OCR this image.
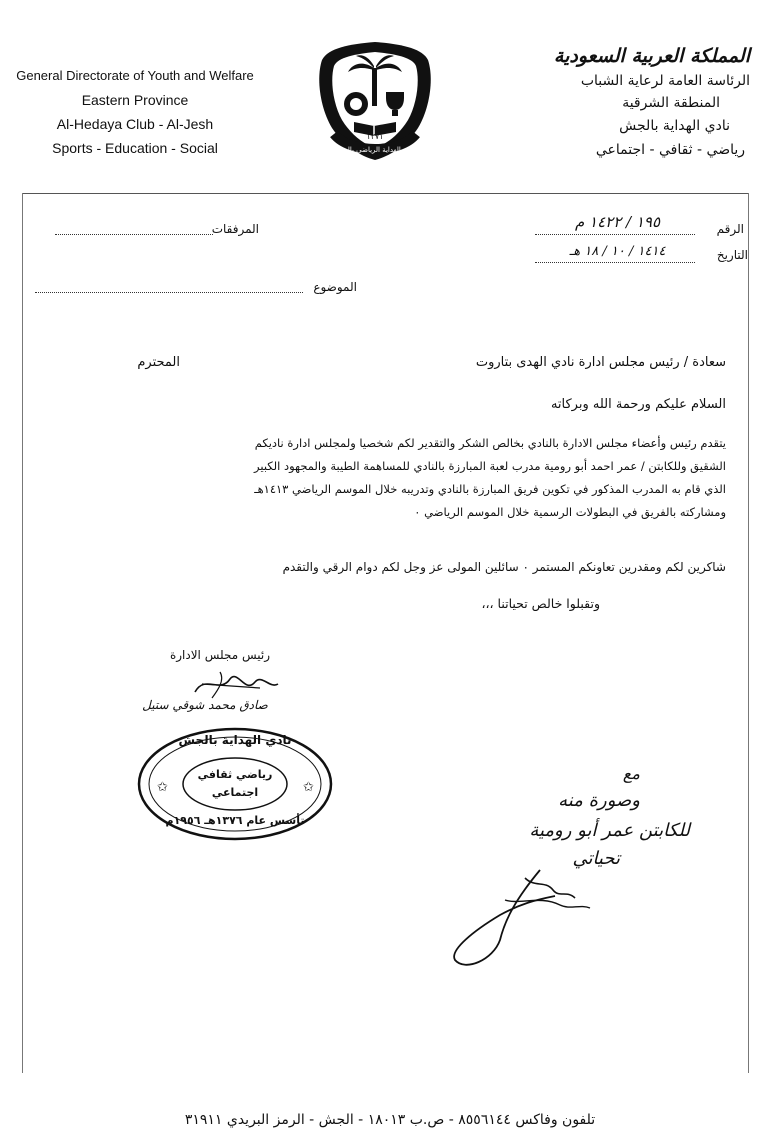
General Directorate of Youth and Welfare
Eastern Province
Al-Hedaya Club - Al-Jesh
Sports - Education - Social	نادي الهداية الرياضي بالجش
١٣٧١
المملكة العربية السعودية
الرئاسة العامة لرعاية الشباب
المنطقة الشرقية
نادي الهداية بالجش
رياضي - ثقافي - اجتماعي
الرقم
١٩٥ / ١٤٢٢ م
التاريخ
١٤١٤ / ١٠ / ١٨ هـ
المرفقات
الموضوع
سعادة / رئيس مجلس ادارة نادي الهدى بتاروت
المحترم
السلام عليكم ورحمة الله وبركاته
يتقدم رئيس وأعضاء مجلس الادارة بالنادي بخالص الشكر والتقدير لكم شخصيا ولمجلس ادارة ناديكم
الشقيق وللكابتن / عمر احمد أبو رومية مدرب لعبة المبارزة بالنادي للمساهمة الطيبة والمجهود الكبير
الذي قام به المدرب المذكور في تكوين فريق المبارزة بالنادي وتدريبه خلال الموسم الرياضي ١٤١٣هـ
ومشاركته بالفريق في البطولات الرسمية خلال الموسم الرياضي ٠
شاكرين لكم ومقدرين تعاونكم المستمر ٠ سائلين المولى عز وجل لكم دوام الرقي والتقدم
وتقبلوا خالص تحياتنا ،،،
رئيس مجلس الادارة
صادق محمد شوقي ستيل
✩	✩
نادي الهداية بالجش
رياضي ثقافي
اجتماعي
تأسس عام ١٣٧٦هـ ١٩٥٦م
مع
وصورة منه
للكابتن عمر أبو رومية
تحياتي
تلفون وفاكس ٨٥٥٦١٤٤ - ص.ب ١٨٠١٣ - الجش - الرمز البريدي ٣١٩١١
